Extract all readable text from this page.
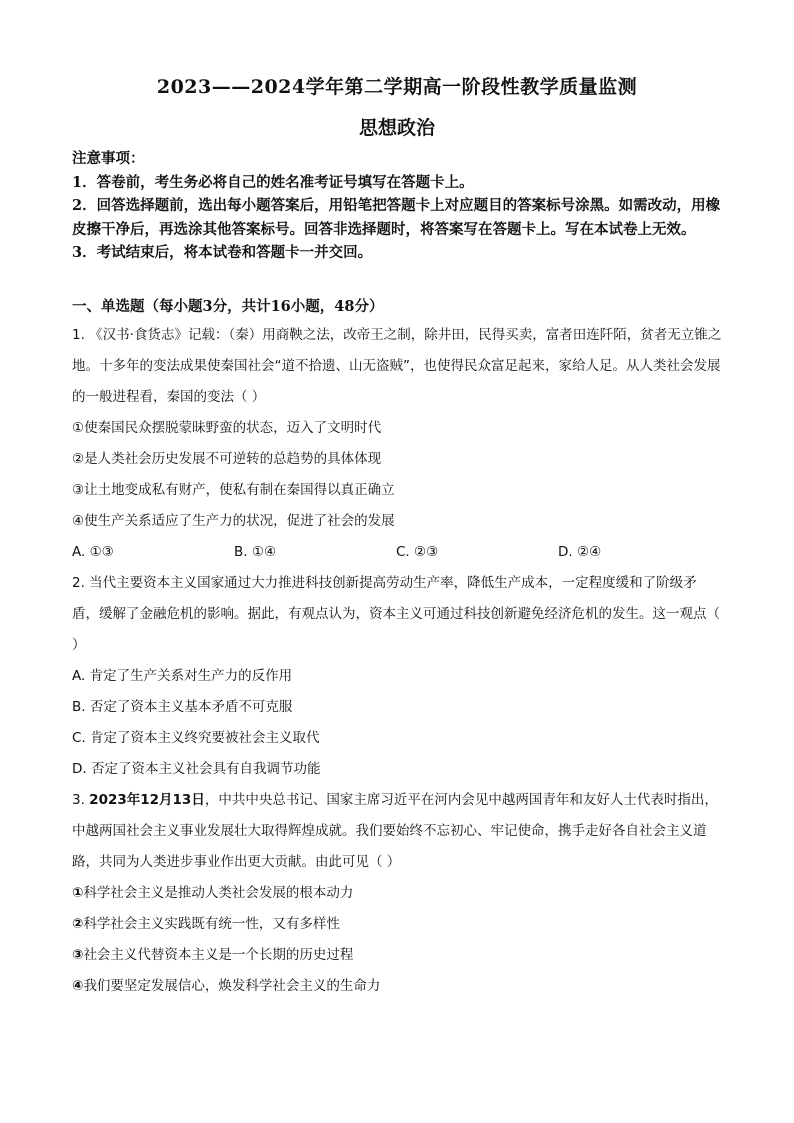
2023——2024学年第二学期高一阶段性教学质量监测
思想政治
注意事项：
1．答卷前，考生务必将自己的姓名准考证号填写在答题卡上。
2．回答选择题前，选出每小题答案后，用铅笔把答题卡上对应题目的答案标号涂黑。如需改动，用橡皮擦干净后，再选涂其他答案标号。回答非选择题时，将答案写在答题卡上。写在本试卷上无效。
3．考试结束后，将本试卷和答题卡一并交回。
一、单选题（每小题3分，共计16小题，48分）
1. 《汉书·食货志》记载：（秦）用商鞅之法，改帝王之制，除井田，民得买卖，富者田连阡陌，贫者无立锥之地。十多年的变法成果使秦国社会“道不拾遗、山无盗贼”，也使得民众富足起来，家给人足。从人类社会发展的一般进程看，秦国的变法（ ）
①使秦国民众摆脱蒙昧野蛮的状态，迈入了文明时代
②是人类社会历史发展不可逆转的总趋势的具体体现
③让土地变成私有财产，使私有制在秦国得以真正确立
④使生产关系适应了生产力的状况，促进了社会的发展
A. ①③	B. ①④	C. ②③	D. ②④
2. 当代主要资本主义国家通过大力推进科技创新提高劳动生产率，降低生产成本，一定程度缓和了阶级矛盾，缓解了金融危机的影响。据此，有观点认为，资本主义可通过科技创新避免经济危机的发生。这一观点（ ）
A. 肯定了生产关系对生产力的反作用
B. 否定了资本主义基本矛盾不可克服
C. 肯定了资本主义终究要被社会主义取代
D. 否定了资本主义社会具有自我调节功能
3. 2023年12月13日，中共中央总书记、国家主席习近平在河内会见中越两国青年和友好人士代表时指出，中越两国社会主义事业发展壮大取得辉煌成就。我们要始终不忘初心、牢记使命，携手走好各自社会主义道路，共同为人类进步事业作出更大贡献。由此可见（ ）
①科学社会主义是推动人类社会发展的根本动力
②科学社会主义实践既有统一性，又有多样性
③社会主义代替资本主义是一个长期的历史过程
④我们要坚定发展信心，焕发科学社会主义的生命力
